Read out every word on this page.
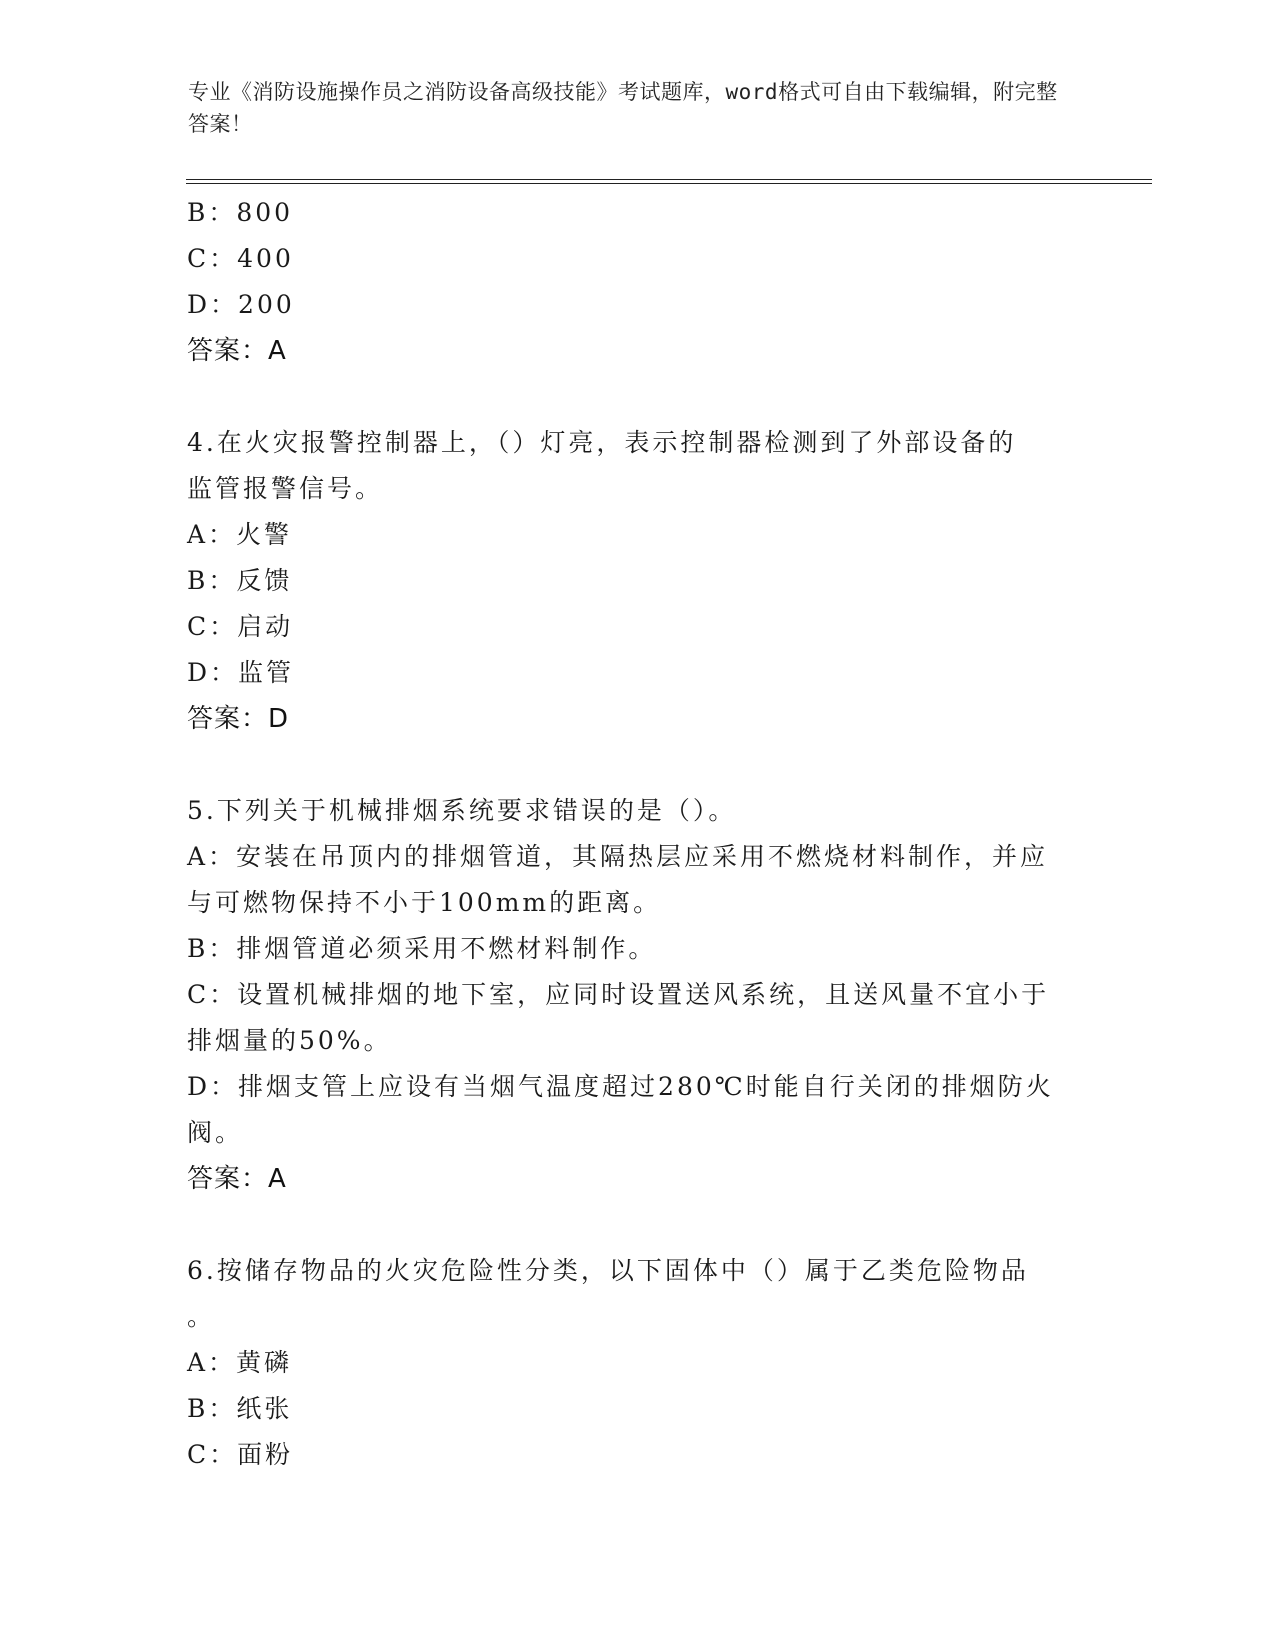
专业《消防设施操作员之消防设备高级技能》考试题库，word格式可自由下载编辑，附完整答案！
B：800
C：400
D：200
答案：A
4.在火灾报警控制器上，（）灯亮，表示控制器检测到了外部设备的
监管报警信号。
A：火警
B：反馈
C：启动
D：监管
答案：D
5.下列关于机械排烟系统要求错误的是（）。
A：安装在吊顶内的排烟管道，其隔热层应采用不燃烧材料制作，并应
与可燃物保持不小于100mm的距离。
B：排烟管道必须采用不燃材料制作。
C：设置机械排烟的地下室，应同时设置送风系统，且送风量不宜小于
排烟量的50%。
D：排烟支管上应设有当烟气温度超过280℃时能自行关闭的排烟防火
阀。
答案：A
6.按储存物品的火灾危险性分类，以下固体中（）属于乙类危险物品
。
A：黄磷
B：纸张
C：面粉
